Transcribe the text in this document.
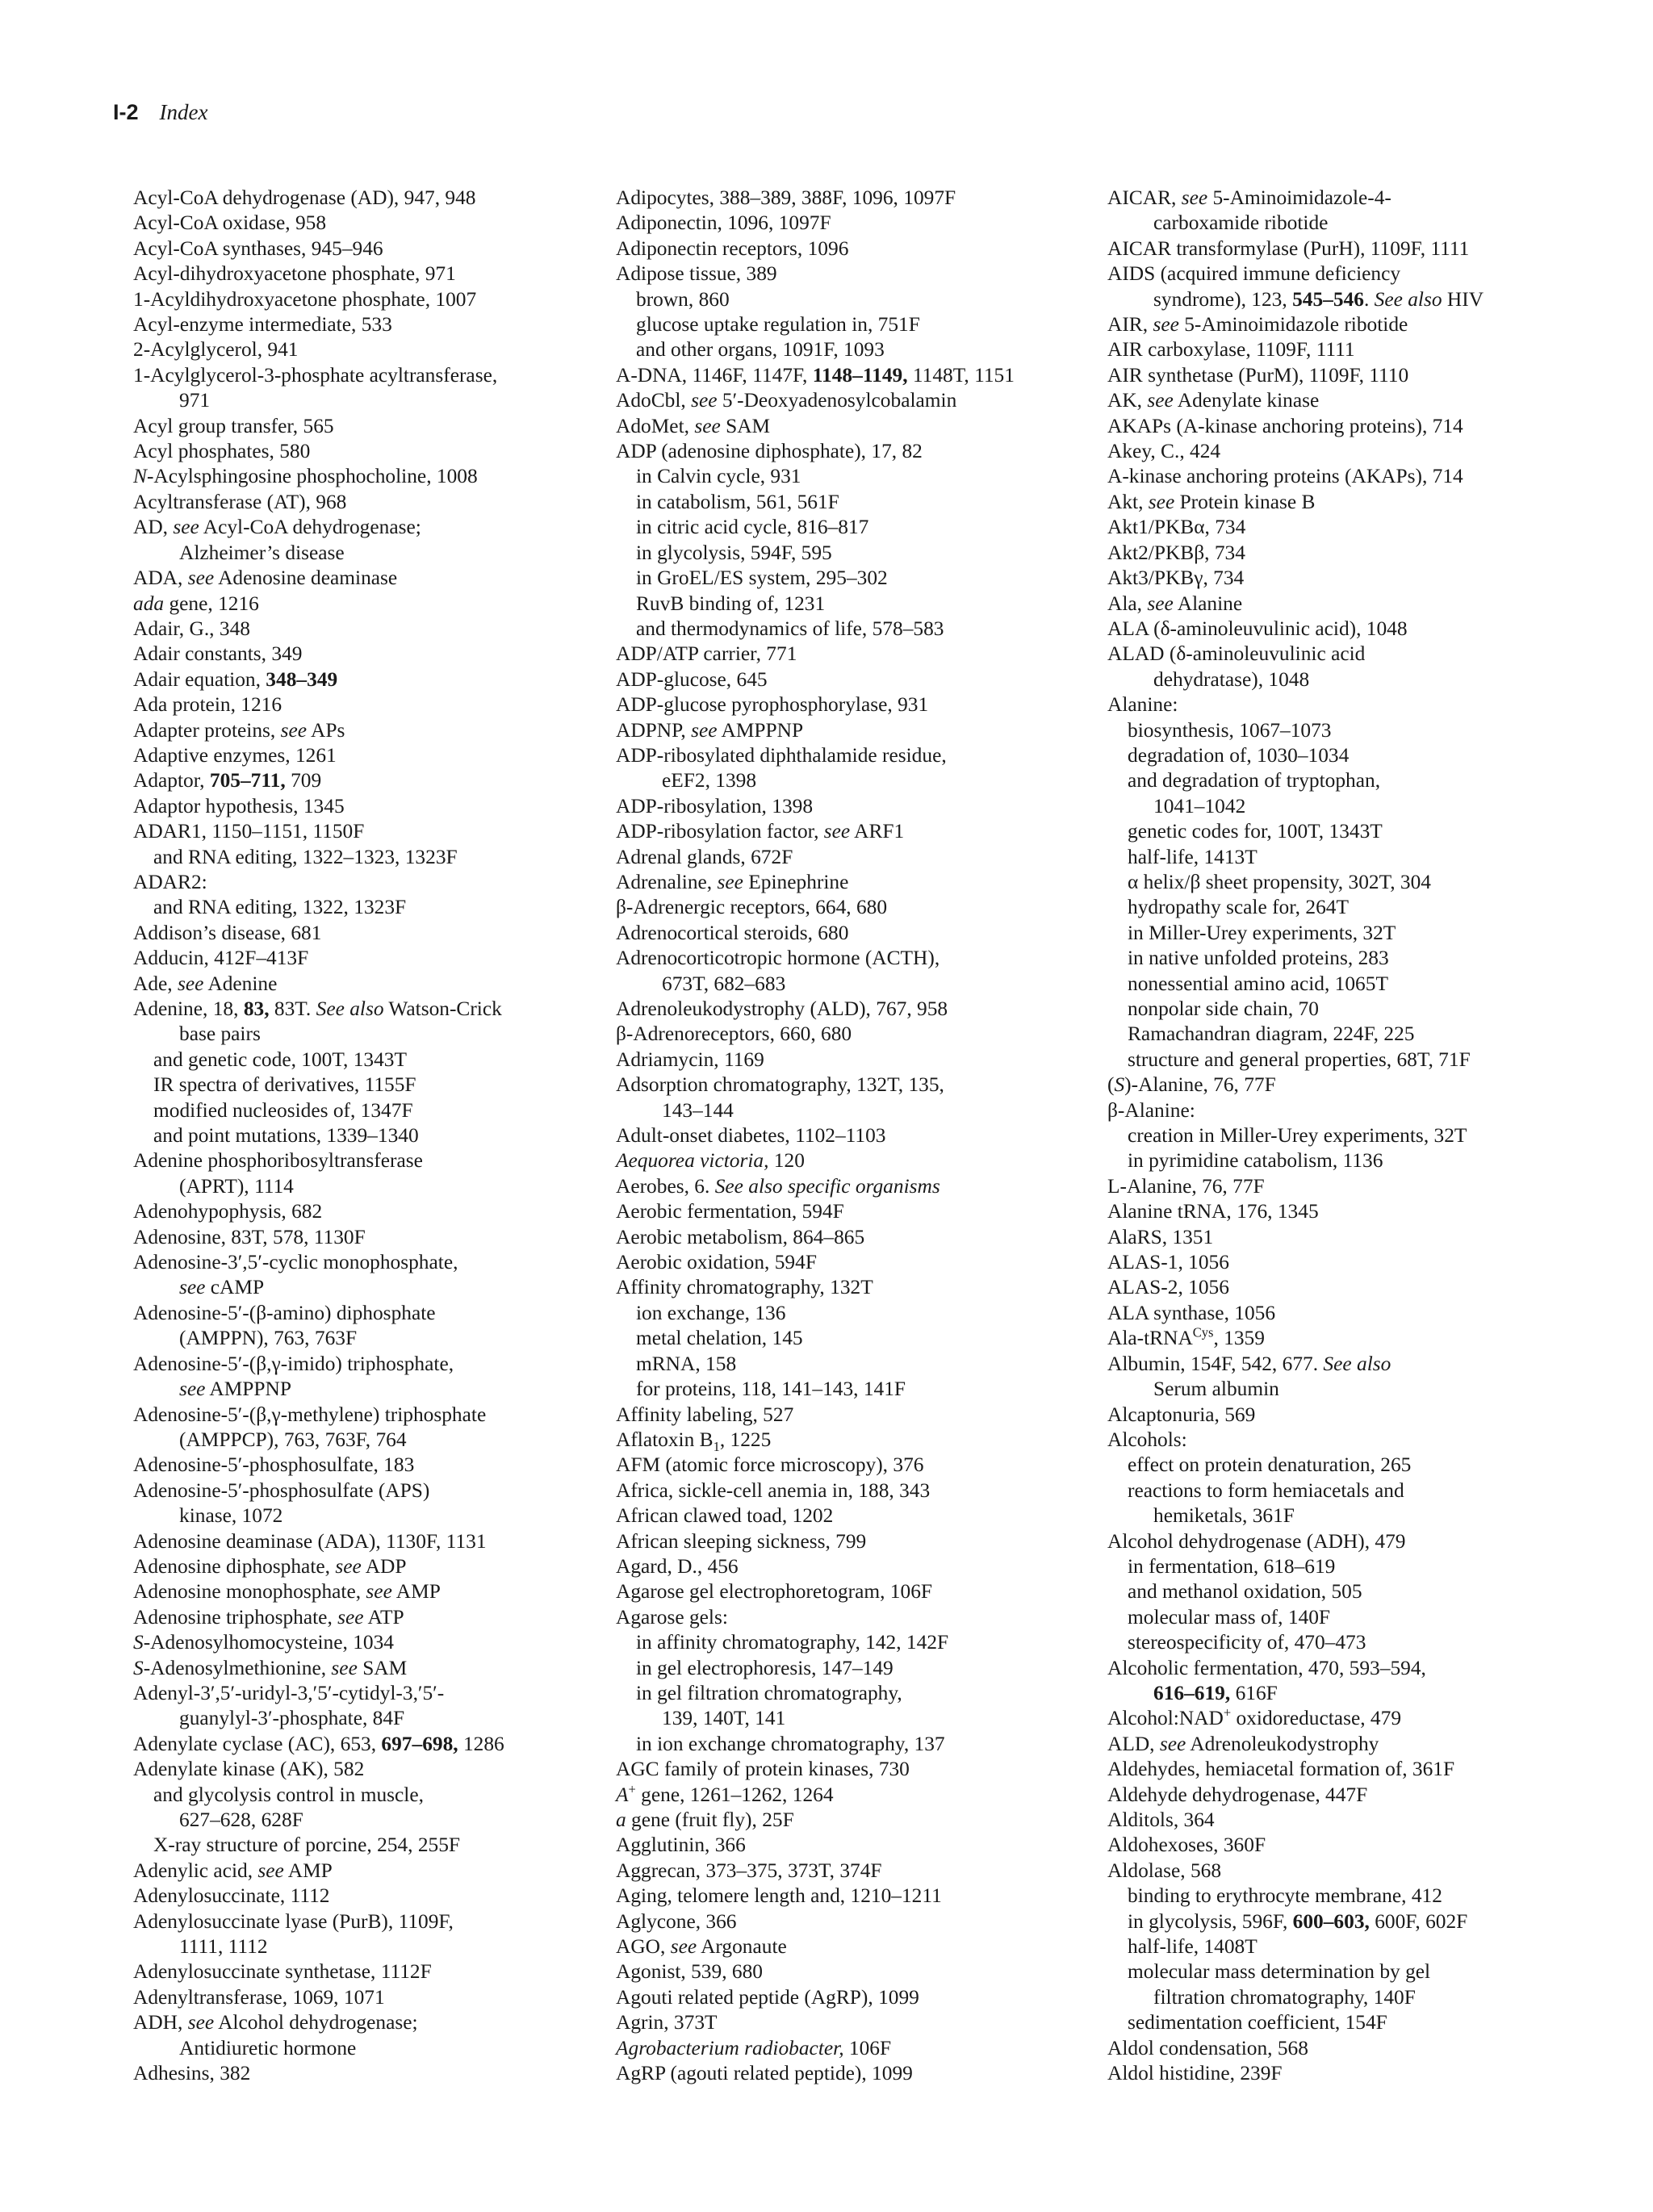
I-2 Index
Acyl-CoA dehydrogenase (AD), 947, 948
Acyl-CoA oxidase, 958
Acyl-CoA synthases, 945–946
Acyl-dihydroxyacetone phosphate, 971
1-Acyldihydroxyacetone phosphate, 1007
Acyl-enzyme intermediate, 533
2-Acylglycerol, 941
1-Acylglycerol-3-phosphate acyltransferase,
971
Acyl group transfer, 565
Acyl phosphates, 580
N-Acylsphingosine phosphocholine, 1008
Acyltransferase (AT), 968
AD, see Acyl-CoA dehydrogenase;
Alzheimer’s disease
ADA, see Adenosine deaminase
ada gene, 1216
Adair, G., 348
Adair constants, 349
Adair equation, 348–349
Ada protein, 1216
Adapter proteins, see APs
Adaptive enzymes, 1261
Adaptor, 705–711, 709
Adaptor hypothesis, 1345
ADAR1, 1150–1151, 1150F
and RNA editing, 1322–1323, 1323F
ADAR2:
and RNA editing, 1322, 1323F
Addison’s disease, 681
Adducin, 412F–413F
Ade, see Adenine
Adenine, 18, 83, 83T. See also Watson-Crick
base pairs
and genetic code, 100T, 1343T
IR spectra of derivatives, 1155F
modified nucleosides of, 1347F
and point mutations, 1339–1340
Adenine phosphoribosyltransferase
(APRT), 1114
Adenohypophysis, 682
Adenosine, 83T, 578, 1130F
Adenosine-3′,5′-cyclic monophosphate,
see cAMP
Adenosine-5′-(β-amino) diphosphate
(AMPPN), 763, 763F
Adenosine-5′-(β,γ-imido) triphosphate,
see AMPPNP
Adenosine-5′-(β,γ-methylene) triphosphate
(AMPPCP), 763, 763F, 764
Adenosine-5′-phosphosulfate, 183
Adenosine-5′-phosphosulfate (APS)
kinase, 1072
Adenosine deaminase (ADA), 1130F, 1131
Adenosine diphosphate, see ADP
Adenosine monophosphate, see AMP
Adenosine triphosphate, see ATP
S-Adenosylhomocysteine, 1034
S-Adenosylmethionine, see SAM
Adenyl-3′,5′-uridyl-3,′5′-cytidyl-3,′5′-
guanylyl-3′-phosphate, 84F
Adenylate cyclase (AC), 653, 697–698, 1286
Adenylate kinase (AK), 582
and glycolysis control in muscle,
627–628, 628F
X-ray structure of porcine, 254, 255F
Adenylic acid, see AMP
Adenylosuccinate, 1112
Adenylosuccinate lyase (PurB), 1109F,
1111, 1112
Adenylosuccinate synthetase, 1112F
Adenyltransferase, 1069, 1071
ADH, see Alcohol dehydrogenase;
Antidiuretic hormone
Adhesins, 382
Adipocytes, 388–389, 388F, 1096, 1097F
Adiponectin, 1096, 1097F
Adiponectin receptors, 1096
Adipose tissue, 389
brown, 860
glucose uptake regulation in, 751F
and other organs, 1091F, 1093
A-DNA, 1146F, 1147F, 1148–1149, 1148T, 1151
AdoCbl, see 5′-Deoxyadenosylcobalamin
AdoMet, see SAM
ADP (adenosine diphosphate), 17, 82
in Calvin cycle, 931
in catabolism, 561, 561F
in citric acid cycle, 816–817
in glycolysis, 594F, 595
in GroEL/ES system, 295–302
RuvB binding of, 1231
and thermodynamics of life, 578–583
ADP/ATP carrier, 771
ADP-glucose, 645
ADP-glucose pyrophosphorylase, 931
ADPNP, see AMPPNP
ADP-ribosylated diphthalamide residue,
eEF2, 1398
ADP-ribosylation, 1398
ADP-ribosylation factor, see ARF1
Adrenal glands, 672F
Adrenaline, see Epinephrine
β-Adrenergic receptors, 664, 680
Adrenocortical steroids, 680
Adrenocorticotropic hormone (ACTH),
673T, 682–683
Adrenoleukodystrophy (ALD), 767, 958
β-Adrenoreceptors, 660, 680
Adriamycin, 1169
Adsorption chromatography, 132T, 135,
143–144
Adult-onset diabetes, 1102–1103
Aequorea victoria, 120
Aerobes, 6. See also specific organisms
Aerobic fermentation, 594F
Aerobic metabolism, 864–865
Aerobic oxidation, 594F
Affinity chromatography, 132T
ion exchange, 136
metal chelation, 145
mRNA, 158
for proteins, 118, 141–143, 141F
Affinity labeling, 527
Aflatoxin $B_1$, 1225
AFM (atomic force microscopy), 376
Africa, sickle-cell anemia in, 188, 343
African clawed toad, 1202
African sleeping sickness, 799
Agard, D., 456
Agarose gel electrophoretogram, 106F
Agarose gels:
in affinity chromatography, 142, 142F
in gel electrophoresis, 147–149
in gel filtration chromatography,
139, 140T, 141
in ion exchange chromatography, 137
AGC family of protein kinases, 730
A+ gene, 1261–1262, 1264
a gene (fruit fly), 25F
Agglutinin, 366
Aggrecan, 373–375, 373T, 374F
Aging, telomere length and, 1210–1211
Aglycone, 366
AGO, see Argonaute
Agonist, 539, 680
Agouti related peptide (AgRP), 1099
Agrin, 373T
Agrobacterium radiobacter, 106F
AgRP (agouti related peptide), 1099
AICAR, see 5-Aminoimidazole-4-
carboxamide ribotide
AICAR transformylase (PurH), 1109F, 1111
AIDS (acquired immune deficiency
syndrome), 123, 545–546. See also HIV
AIR, see 5-Aminoimidazole ribotide
AIR carboxylase, 1109F, 1111
AIR synthetase (PurM), 1109F, 1110
AK, see Adenylate kinase
AKAPs (A-kinase anchoring proteins), 714
Akey, C., 424
A-kinase anchoring proteins (AKAPs), 714
Akt, see Protein kinase B
Akt1/PKBα, 734
Akt2/PKBβ, 734
Akt3/PKBγ, 734
Ala, see Alanine
ALA (δ-aminoleuvulinic acid), 1048
ALAD (δ-aminoleuvulinic acid
dehydratase), 1048
Alanine:
biosynthesis, 1067–1073
degradation of, 1030–1034
and degradation of tryptophan,
1041–1042
genetic codes for, 100T, 1343T
half-life, 1413T
α helix/β sheet propensity, 302T, 304
hydropathy scale for, 264T
in Miller-Urey experiments, 32T
in native unfolded proteins, 283
nonessential amino acid, 1065T
nonpolar side chain, 70
Ramachandran diagram, 224F, 225
structure and general properties, 68T, 71F
(S)-Alanine, 76, 77F
β-Alanine:
creation in Miller-Urey experiments, 32T
in pyrimidine catabolism, 1136
L-Alanine, 76, 77F
Alanine tRNA, 176, 1345
AlaRS, 1351
ALAS-1, 1056
ALAS-2, 1056
ALA synthase, 1056
Ala-tRNA$^{Cys}$, 1359
Albumin, 154F, 542, 677. See also
Serum albumin
Alcaptonuria, 569
Alcohols:
effect on protein denaturation, 265
reactions to form hemiacetals and
hemiketals, 361F
Alcohol dehydrogenase (ADH), 479
in fermentation, 618–619
and methanol oxidation, 505
molecular mass of, 140F
stereospecificity of, 470–473
Alcoholic fermentation, 470, 593–594,
616–619, 616F
Alcohol:NAD+ oxidoreductase, 479
ALD, see Adrenoleukodystrophy
Aldehydes, hemiacetal formation of, 361F
Aldehyde dehydrogenase, 447F
Alditols, 364
Aldohexoses, 360F
Aldolase, 568
binding to erythrocyte membrane, 412
in glycolysis, 596F, 600–603, 600F, 602F
half-life, 1408T
molecular mass determination by gel
filtration chromatography, 140F
sedimentation coefficient, 154F
Aldol condensation, 568
Aldol histidine, 239F
